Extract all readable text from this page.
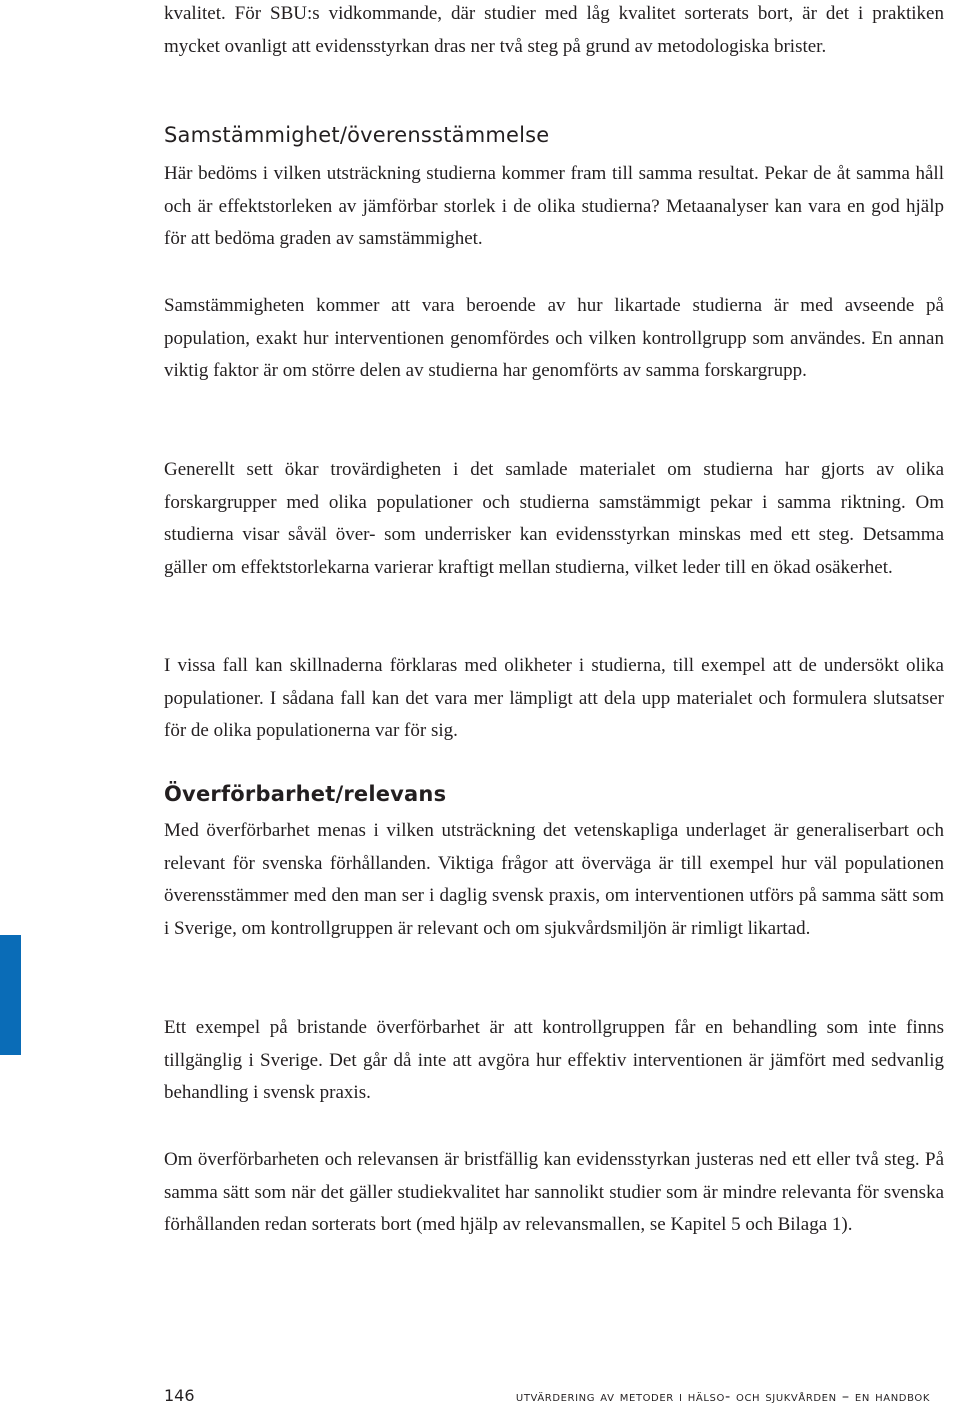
kvalitet. För SBU:s vidkommande, där studier med låg kvalitet sorterats bort, är det i praktiken mycket ovanligt att evidensstyrkan dras ner två steg på grund av metodologiska brister.

Samstämmighet/överensstämmelse

Här bedöms i vilken utsträckning studierna kommer fram till samma resultat. Pekar de åt samma håll och är effektstorleken av jämförbar storlek i de olika studierna? Metaanalyser kan vara en god hjälp för att bedöma graden av samstämmighet.

Samstämmigheten kommer att vara beroende av hur likartade studierna är med avseende på population, exakt hur interventionen genomfördes och vilken kontrollgrupp som användes. En annan viktig faktor är om större delen av studierna har genomförts av samma forskargrupp.

Generellt sett ökar trovärdigheten i det samlade materialet om studierna har gjorts av olika forskargrupper med olika populationer och studierna samstämmigt pekar i samma riktning. Om studierna visar såväl över- som underrisker kan evidensstyrkan minskas med ett steg. Detsamma gäller om effektstorlekarna varierar kraftigt mellan studierna, vilket leder till en ökad osäkerhet.

I vissa fall kan skillnaderna förklaras med olikheter i studierna, till exempel att de undersökt olika populationer. I sådana fall kan det vara mer lämpligt att dela upp materialet och formulera slutsatser för de olika populationerna var för sig.

Överförbarhet/relevans

Med överförbarhet menas i vilken utsträckning det vetenskapliga underlaget är generaliserbart och relevant för svenska förhållanden. Viktiga frågor att överväga är till exempel hur väl populationen överensstämmer med den man ser i daglig svensk praxis, om interventionen utförs på samma sätt som i Sverige, om kontrollgruppen är relevant och om sjukvårdsmiljön är rimligt likartad.

Ett exempel på bristande överförbarhet är att kontrollgruppen får en behandling som inte finns tillgänglig i Sverige. Det går då inte att avgöra hur effektiv interventionen är jämfört med sedvanlig behandling i svensk praxis.

Om överförbarheten och relevansen är bristfällig kan evidensstyrkan justeras ned ett eller två steg. På samma sätt som när det gäller studiekvalitet har sannolikt studier som är mindre relevanta för svenska förhållanden redan sorterats bort (med hjälp av relevansmallen, se Kapitel 5 och Bilaga 1).

146	utvärdering av metoder i hälso- och sjukvården – en handbok
